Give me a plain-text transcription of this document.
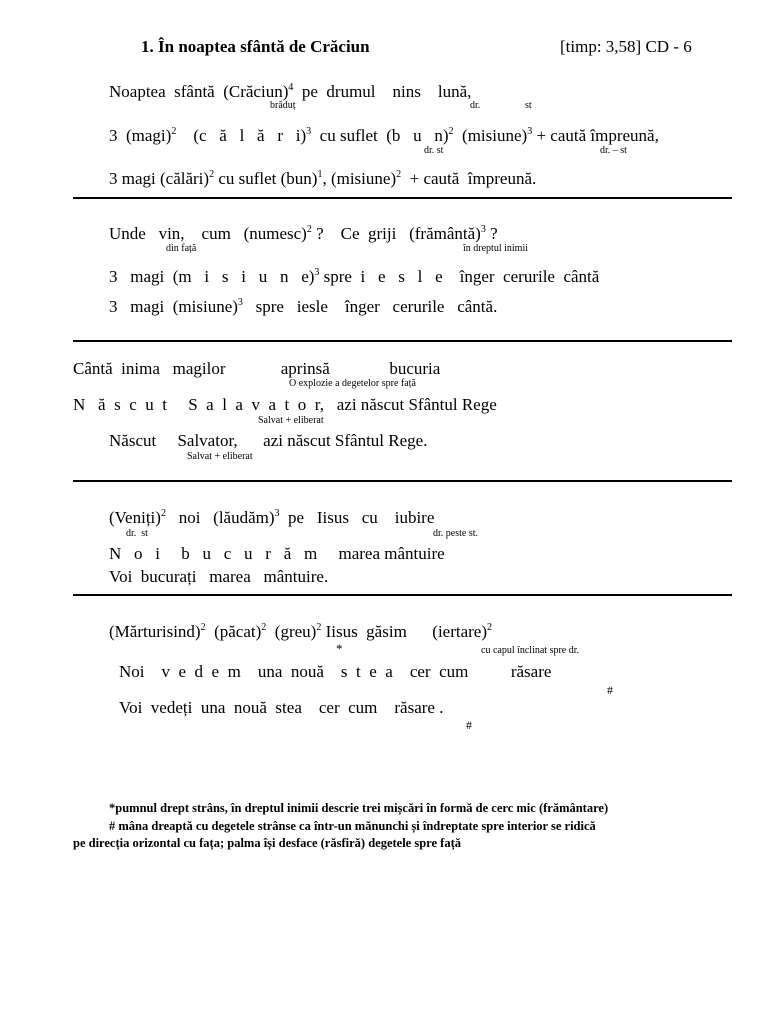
1. În noaptea sfântă de Crăciun	[timp: 3,58] CD - 6
Noaptea  sfântă  (Crăciun)$^4$  pe  drumul    nins    lună,
brăduț	dr.	st
3  (magi)$^2$    (c   ă   l   ă   r   i)$^3$  cu suflet  (b   u   n)$^2$  (misiune)$^3$ + caută împreună,
dr. st	dr. – st
3 magi (călări)$^2$ cu suflet (bun)$^1$, (misiune)$^2$  + caută  împreună.
Unde   vin,    cum   (numesc)$^2$ ?    Ce  griji   (frământă)$^3$ ?
din față	în dreptul inimii
3   magi  (m   i   s   i   u   n   e)$^3$ spre  i   e   s   l   e    înger  cerurile  cântă
3   magi  (misiune)$^3$   spre   iesle    înger   cerurile   cântă.
Cântă  inima   magilor             aprinsă              bucuria
O explozie a degetelor spre față
N   ă  s  c  u  t     S  a  l  a  v  a  t  o  r,   azi născut Sfântul Rege
Salvat + eliberat
Născut     Salvator,      azi născut Sfântul Rege.
Salvat + eliberat
(Veniți)$^2$   noi   (lăudăm)$^3$  pe   Iisus   cu    iubire
dr.  st	dr. peste st.
N   o   i     b   u   c   u   r   ă   m     marea mântuire
Voi  bucurați   marea   mântuire.
(Mărturisind)$^2$  (păcat)$^2$  (greu)$^2$ Iisus  găsim      (iertare)$^2$
*	cu capul înclinat spre dr.
Noi    v  e  d  e  m    una  nouă    s  t  e  a    cer  cum          răsare
#
Voi  vedeți  una  nouă  stea    cer  cum    răsare .
#
*pumnul drept strâns, în dreptul inimii descrie trei mișcări în formă de cerc mic (frământare)
# mâna dreaptă cu degetele strânse ca într-un mănunchi și îndreptate spre interior se ridică
pe direcția orizontal cu fața; palma își desface (răsfiră) degetele spre față
